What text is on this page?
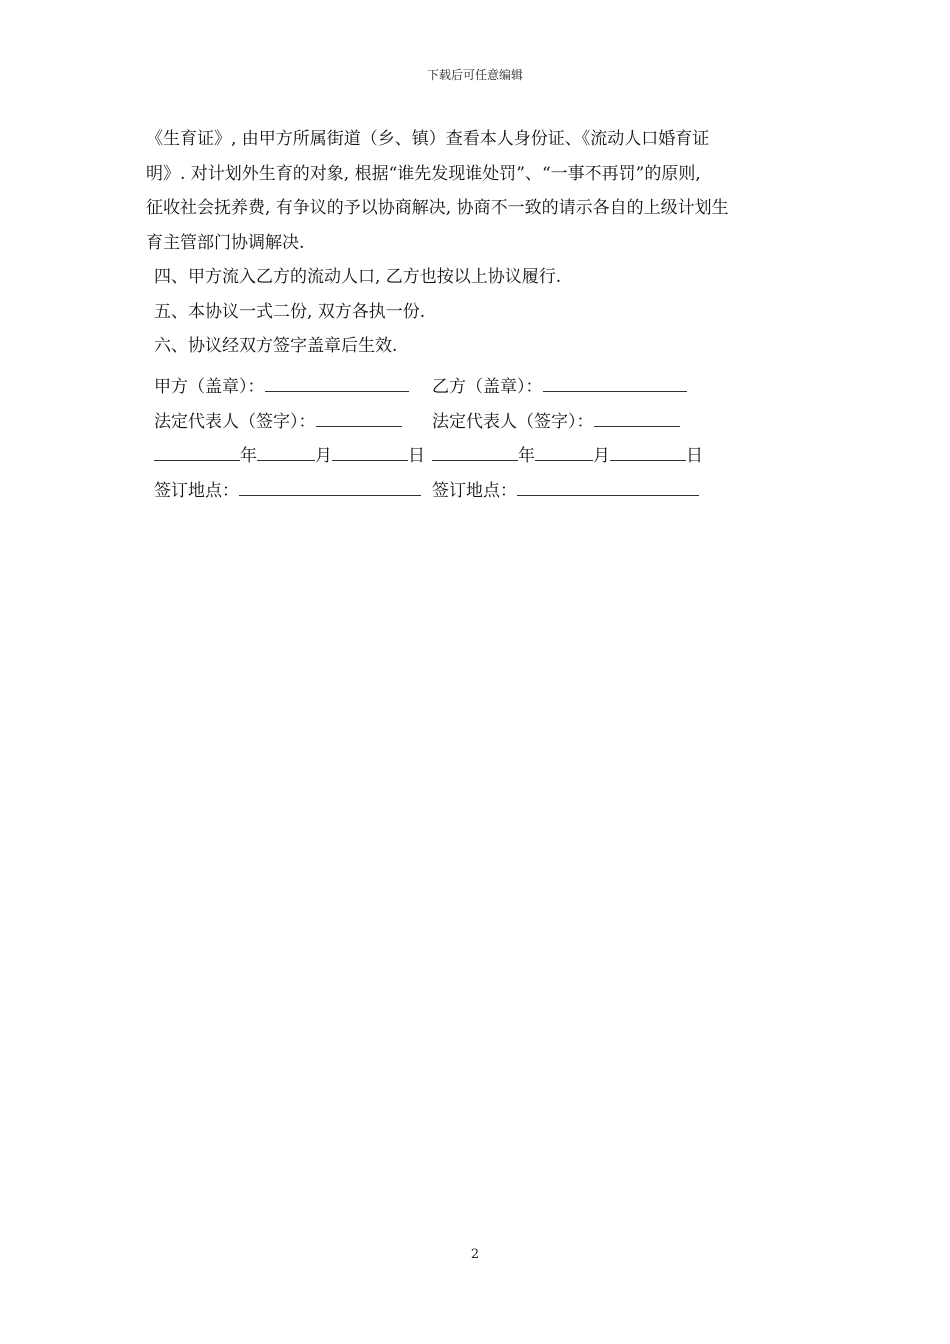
下载后可任意编辑

《生育证》, 由甲方所属街道（乡、镇）查看本人身份证、《流动人口婚育证

明》. 对计划外生育的对象, 根据“谁先发现谁处罚”、“一事不再罚”的原则,

征收社会抚养费, 有争议的予以协商解决, 协商不一致的请示各自的上级计划生

育主管部门协调解决.

四、甲方流入乙方的流动人口, 乙方也按以上协议履行.

五、本协议一式二份, 双方各执一份.

六、协议经双方签字盖章后生效.

甲方（盖章）：	乙方（盖章）：
法定代表人（签字）：	法定代表人（签字）：
年	月	日	年	月	日
签订地点：	签订地点：
2
